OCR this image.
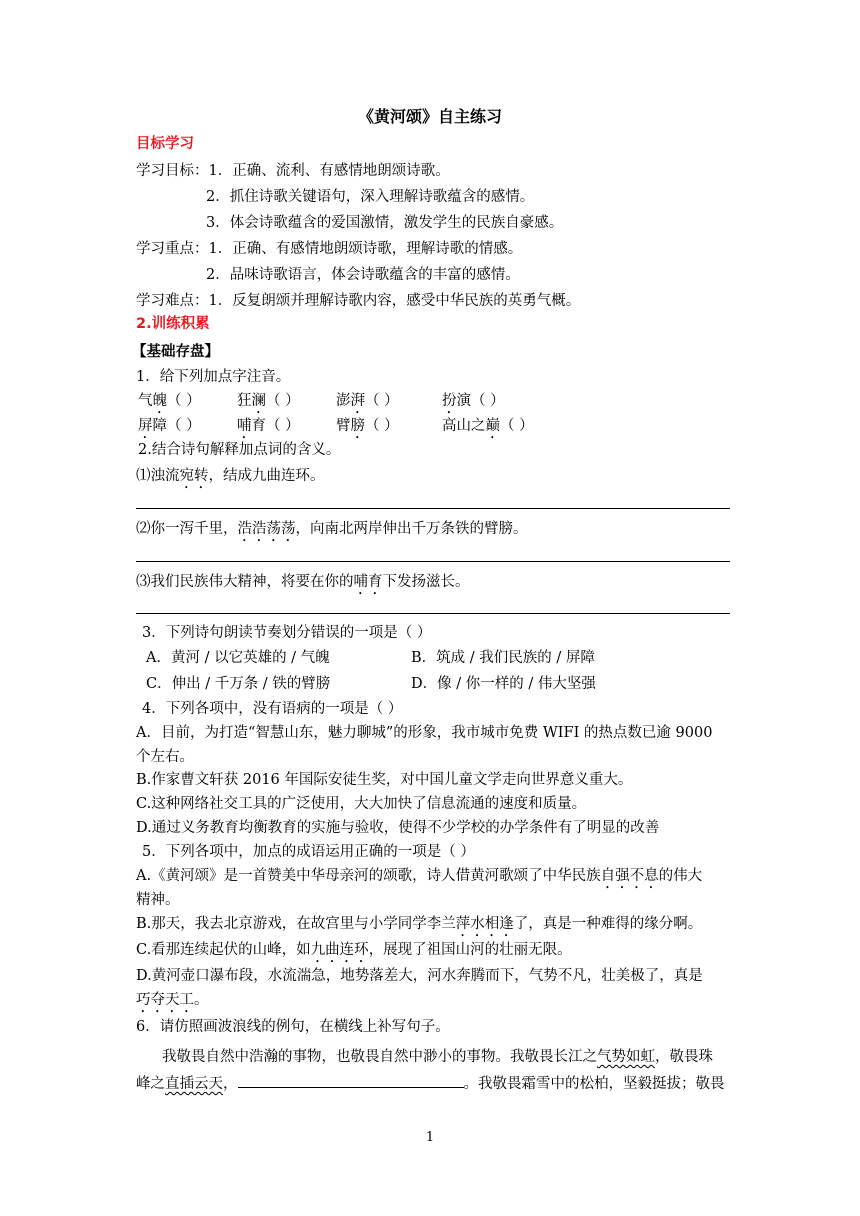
《黄河颂》自主练习
目标学习
学习目标：1．正确、流利、有感情地朗颂诗歌。
2．抓住诗歌关键语句，深入理解诗歌蕴含的感情。
3．体会诗歌蕴含的爱国激情，激发学生的民族自豪感。
学习重点：1．正确、有感情地朗颂诗歌，理解诗歌的情感。
2．品味诗歌语言，体会诗歌蕴含的丰富的感情。
学习难点：1．反复朗颂并理解诗歌内容，感受中华民族的英勇气概。
2.训练积累
【基础存盘】
1．给下列加点字注音。
气魄（ ）	狂澜（ ）	澎湃（ ）	扮演（ ）
屏障（ ）	哺育（ ）	臂膀（ ）	高山之巅（ ）
2.结合诗句解释加点词的含义。
⑴浊流宛转，结成九曲连环。
⑵你一泻千里，浩浩荡荡，向南北两岸伸出千万条铁的臂膀。
⑶我们民族伟大精神，将要在你的哺育下发扬滋长。
3．下列诗句朗读节奏划分错误的一项是（ ）
A．黄河 / 以它英雄的 / 气魄	B．筑成 / 我们民族的 / 屏障
C．伸出 / 千万条 / 铁的臂膀	D．像 / 你一样的 / 伟大坚强
4．下列各项中，没有语病的一项是（ ）
A．目前，为打造“智慧山东，魅力聊城”的形象，我市城市免费 WIFI 的热点数已逾 9000
个左右。
B.作家曹文轩获 2016 年国际安徒生奖，对中国儿童文学走向世界意义重大。
C.这种网络社交工具的广泛使用，大大加快了信息流通的速度和质量。
D.通过义务教育均衡教育的实施与验收，使得不少学校的办学条件有了明显的改善
5．下列各项中，加点的成语运用正确的一项是（ ）
A.《黄河颂》是一首赞美中华母亲河的颂歌，诗人借黄河歌颂了中华民族自强不息的伟大
精神。
B.那天，我去北京游戏，在故宫里与小学同学李兰萍水相逢了，真是一种难得的缘分啊。
C.看那连续起伏的山峰，如九曲连环，展现了祖国山河的壮丽无限。
D.黄河壶口瀑布段，水流湍急，地势落差大，河水奔腾而下，气势不凡，壮美极了，真是
巧夺天工。
6．请仿照画波浪线的例句，在横线上补写句子。
我敬畏自然中浩瀚的事物，也敬畏自然中渺小的事物。我敬畏长江之气势如虹，敬畏珠
峰之直插云天，	。我敬畏霜雪中的松柏，坚毅挺拔；敬畏
1
